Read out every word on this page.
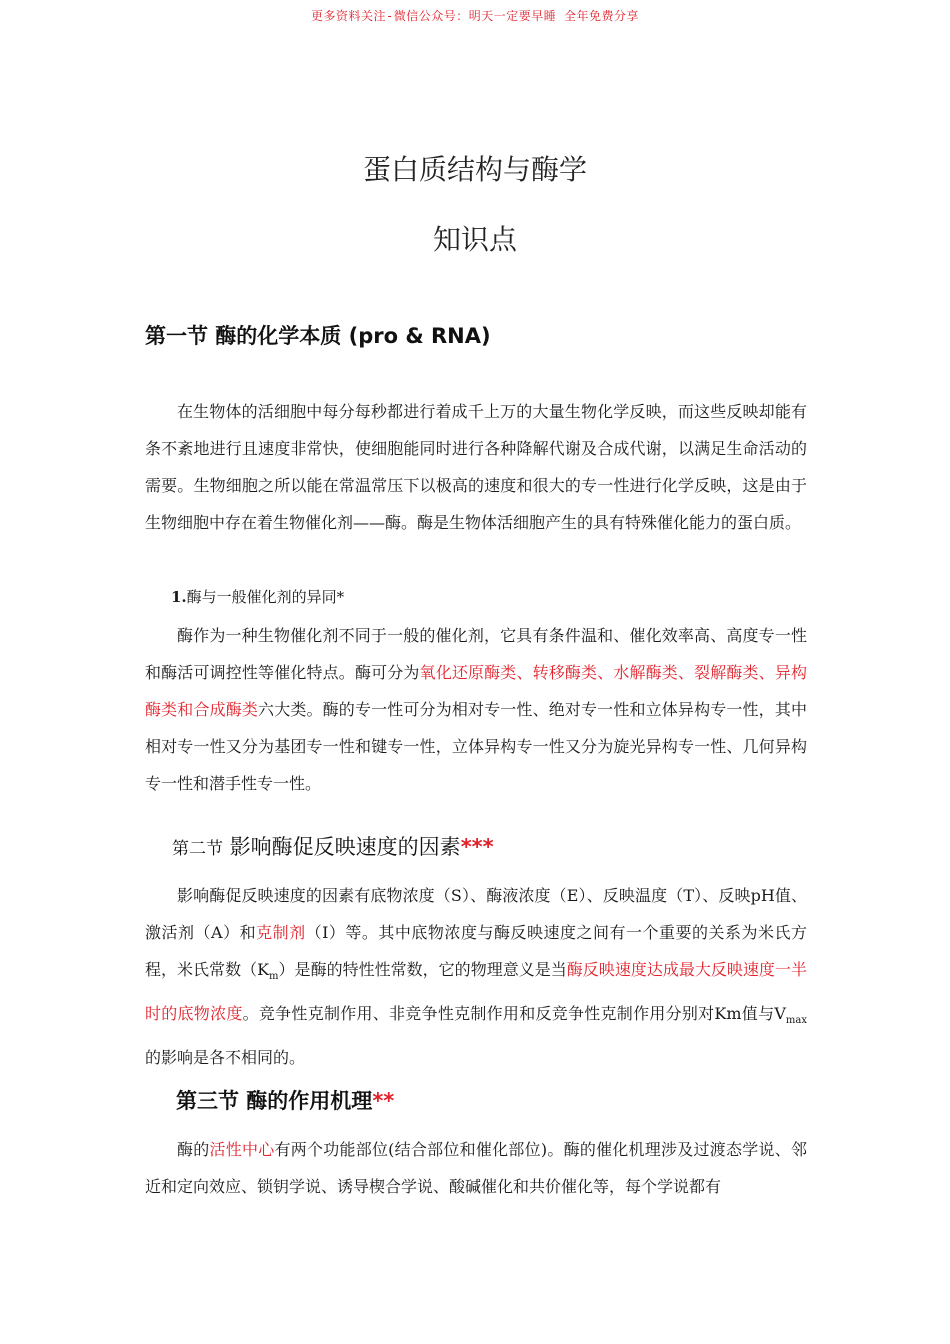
更多资料关注-微信公众号：明天一定要早睡 全年免费分享
蛋白质结构与酶学
知识点
第一节 酶的化学本质 (pro & RNA)
在生物体的活细胞中每分每秒都进行着成千上万的大量生物化学反映，而这些反映却能有条不紊地进行且速度非常快，使细胞能同时进行各种降解代谢及合成代谢，以满足生命活动的需要。生物细胞之所以能在常温常压下以极高的速度和很大的专一性进行化学反映，这是由于生物细胞中存在着生物催化剂——酶。酶是生物体活细胞产生的具有特殊催化能力的蛋白质。
1.酶与一般催化剂的异同*
酶作为一种生物催化剂不同于一般的催化剂，它具有条件温和、催化效率高、高度专一性和酶活可调控性等催化特点。酶可分为氧化还原酶类、转移酶类、水解酶类、裂解酶类、异构酶类和合成酶类六大类。酶的专一性可分为相对专一性、绝对专一性和立体异构专一性，其中相对专一性又分为基团专一性和键专一性，立体异构专一性又分为旋光异构专一性、几何异构专一性和潜手性专一性。
第二节 影响酶促反映速度的因素***
影响酶促反映速度的因素有底物浓度（S）、酶液浓度（E）、反映温度（T）、反映pH值、激活剂（A）和克制剂（I）等。其中底物浓度与酶反映速度之间有一个重要的关系为米氏方程，米氏常数$(K_m)$是酶的特性性常数，它的物理意义是当酶反映速度达成最大反映速度一半时的底物浓度。竞争性克制作用、非竞争性克制作用和反竞争性克制作用分别对Km值与$V_{max}$的影响是各不相同的。
第三节 酶的作用机理**
酶的活性中心有两个功能部位(结合部位和催化部位)。酶的催化机理涉及过渡态学说、邻近和定向效应、锁钥学说、诱导楔合学说、酸碱催化和共价催化等，每个学说都有
